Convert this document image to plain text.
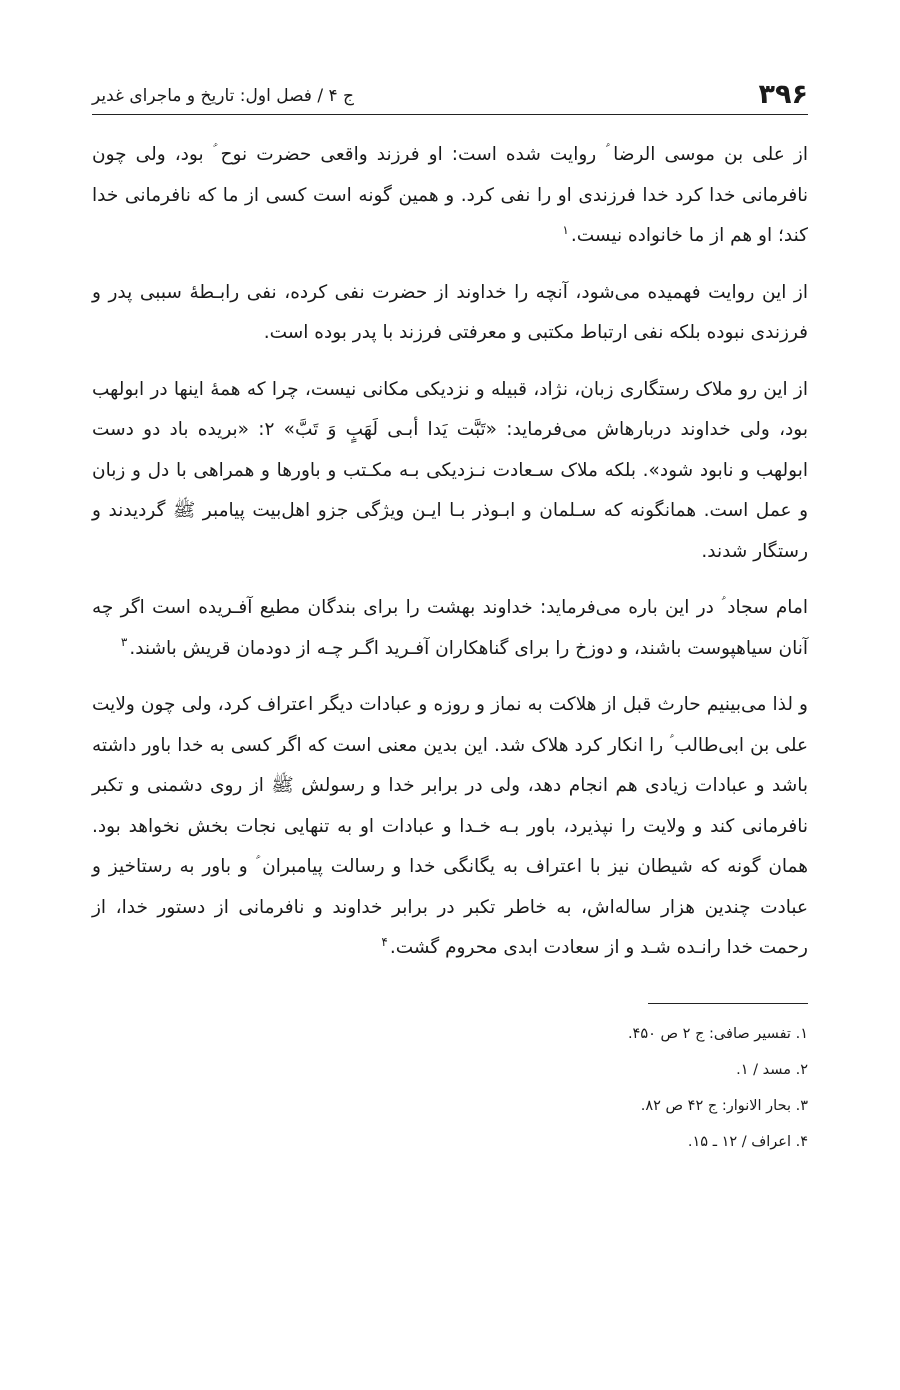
۳۹۶
ج ۴ / فصل اول: تاریخ و ماجرای غدیر

از علی بن موسی الرضا ؑ روایت شده است: او فرزند واقعی حضرت نوح ؑ بود، ولی چون نافرمانی خدا کرد خدا فرزندی او را نفی کرد. و همین گونه است کسی از ما که نافرمانی خدا کند؛ او هم از ما خانواده نیست.$^۱$

از این روایت فهمیده می‌شود، آنچه را خداوند از حضرت نفی کرده، نفی رابـطهٔ سببی پدر و فرزندی نبوده بلکه نفی ارتباط مکتبی و معرفتی فرزند با پدر بوده است.

از این رو ملاک رستگاری زبان، نژاد، قبیله و نزدیکی مکانی نیست، چرا که همهٔ اینها در ابولهب بود، ولی خداوند دربارهاش می‌فرماید: «تَبَّت یَدا أبـی لَهَبٍ وَ تَبَّ» ۲: «بریده باد دو دست ابولهب و نابود شود». بلکه ملاک سـعادت نـزدیکی بـه مکـتب و باورها و همراهی با دل و زبان و عمل است. همانگونه که سـلمان و ابـوذر بـا ایـن ویژگی جزو اهل‌بیت پیامبر ﷺ گردیدند و رستگار شدند.

امام سجاد ؑ در این باره می‌فرماید: خداوند بهشت را برای بندگان مطیع آفـریده است اگر چه آنان سیاهپوست باشند، و دوزخ را برای گناهکاران آفـرید اگـر چـه از دودمان قریش باشند.$^۳$

و لذا می‌بینیم حارث قبل از هلاکت به نماز و روزه و عبادات دیگر اعتراف کرد، ولی چون ولایت علی بن ابی‌طالب ؑ را انکار کرد هلاک شد. این بدین معنی است که اگر کسی به خدا باور داشته باشد و عبادات زیادی هم انجام دهد، ولی در برابر خدا و رسولش ﷺ از روی دشمنی و تکبر نافرمانی کند و ولایت را نپذیرد، باور بـه خـدا و عبادات او به تنهایی نجات بخش نخواهد بود. همان گونه که شیطان نیز با اعتراف به یگانگی خدا و رسالت پیامبران ؑ و باور به رستاخیز و عبادت چندین هزار ساله‌اش، به خاطر تکبر در برابر خداوند و نافرمانی از دستور خدا، از رحمت خدا رانـده شـد و از سعادت ابدی محروم گشت.$^۴$

۱. تفسیر صافی: ج ۲ ص ۴۵۰.

۲. مسد / ۱.

۳. بحار الانوار: ج ۴۲ ص ۸۲.

۴. اعراف / ۱۲ ـ ۱۵.
